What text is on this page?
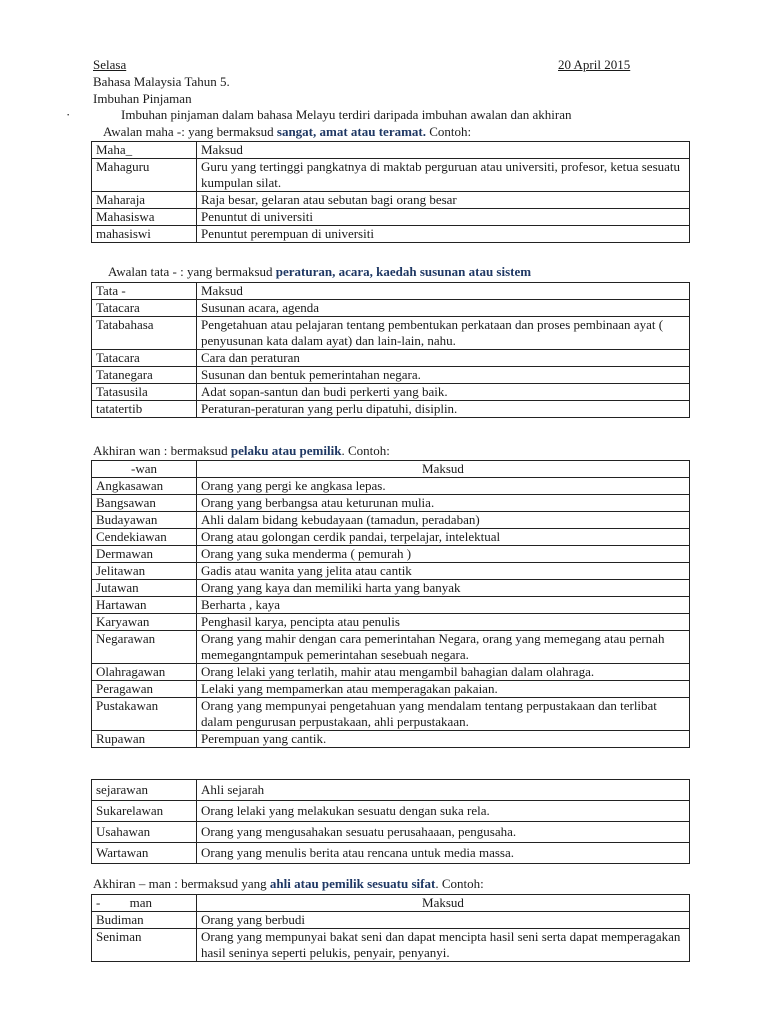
Selasa	20 April 2015
Bahasa Malaysia Tahun 5.
Imbuhan Pinjaman
·	Imbuhan pinjaman dalam bahasa Melayu terdiri daripada imbuhan awalan dan akhiran
Awalan maha -: yang bermaksud sangat, amat atau teramat. Contoh:
Maha_	Maksud
Mahaguru	Guru yang tertinggi pangkatnya di maktab perguruan atau universiti, profesor, ketua sesuatu kumpulan silat.
Maharaja	Raja besar, gelaran atau sebutan bagi orang besar
Mahasiswa	Penuntut di universiti
mahasiswi	Penuntut perempuan di universiti
Awalan tata - : yang bermaksud peraturan, acara, kaedah susunan atau sistem
Tata -	Maksud
Tatacara	Susunan acara, agenda
Tatabahasa	Pengetahuan atau pelajaran tentang pembentukan perkataan dan proses pembinaan ayat ( penyusunan kata dalam ayat) dan lain-lain, nahu.
Tatacara	Cara dan peraturan
Tatanegara	Susunan dan bentuk pemerintahan negara.
Tatasusila	Adat sopan-santun dan budi perkerti yang baik.
tatatertib	Peraturan-peraturan yang perlu dipatuhi, disiplin.
Akhiran wan : bermaksud pelaku atau pemilik. Contoh:
-wan	Maksud
Angkasawan	Orang yang pergi ke angkasa lepas.
Bangsawan	Orang yang berbangsa atau keturunan mulia.
Budayawan	Ahli dalam bidang kebudayaan (tamadun, peradaban)
Cendekiawan	Orang atau golongan cerdik pandai, terpelajar, intelektual
Dermawan	Orang yang suka menderma ( pemurah )
Jelitawan	Gadis atau wanita yang jelita atau cantik
Jutawan	Orang yang kaya dan memiliki harta yang banyak
Hartawan	Berharta , kaya
Karyawan	Penghasil karya, pencipta atau penulis
Negarawan	Orang yang mahir dengan cara pemerintahan Negara, orang yang memegang atau pernah memegangntampuk pemerintahan sesebuah negara.
Olahragawan	Orang lelaki yang terlatih, mahir atau mengambil bahagian dalam olahraga.
Peragawan	Lelaki yang mempamerkan atau memperagakan pakaian.
Pustakawan	Orang yang mempunyai pengetahuan yang mendalam tentang perpustakaan dan terlibat dalam pengurusan perpustakaan, ahli perpustakaan.
Rupawan	Perempuan yang cantik.
sejarawan	Ahli sejarah
Sukarelawan	Orang lelaki yang melakukan sesuatu dengan suka rela.
Usahawan	Orang yang mengusahakan sesuatu perusahaaan, pengusaha.
Wartawan	Orang yang menulis berita atau rencana untuk media massa.
Akhiran – man : bermaksud yang ahli atau pemilik sesuatu sifat. Contoh:
-         man	Maksud
Budiman	Orang yang berbudi
Seniman	Orang yang mempunyai bakat seni dan dapat mencipta hasil seni serta dapat memperagakan hasil seninya seperti pelukis, penyair, penyanyi.
